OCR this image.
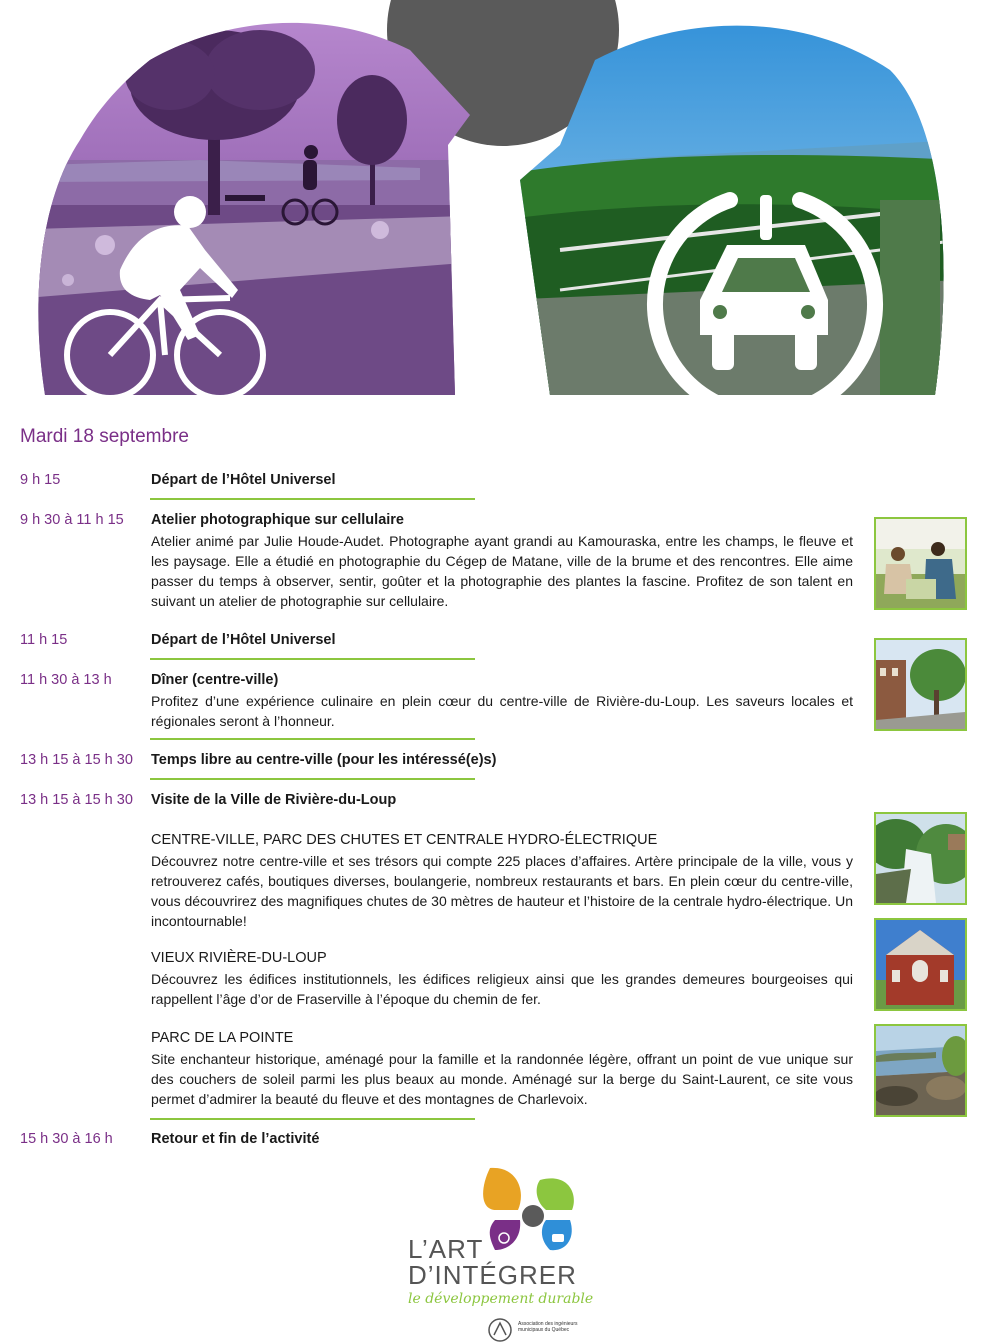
Mardi 18 septembre
9 h 15	Départ de l’Hôtel Universel
9 h 30 à 11 h 15 Atelier photographique sur cellulaire
Atelier animé par Julie Houde-Audet. Photographe ayant grandi au Kamouraska, entre les champs, le fleuve et les paysage. Elle a étudié en photographie du Cégep de Matane, ville de la brume et des rencontres. Elle aime passer du temps à observer, sentir, goûter et la photographie des plantes la fascine. Profitez de son talent en suivant un atelier de photographie sur cellulaire.
11 h 15	Départ de l’Hôtel Universel
11 h 30 à 13 h	Dîner (centre-ville)
Profitez d’une expérience culinaire en plein cœur du centre-ville de Rivière-du-Loup. Les saveurs locales et régionales seront à l’honneur.
13 h 15 à 15 h 30 Temps libre au centre-ville (pour les intéressé(e)s)
13 h 15 à 15 h 30 Visite de la Ville de Rivière-du-Loup
CENTRE-VILLE, PARC DES CHUTES ET CENTRALE HYDRO-ÉLECTRIQUE
Découvrez notre centre-ville et ses trésors qui compte 225 places d’affaires. Artère principale de la ville, vous y retrouverez cafés, boutiques diverses, boulangerie, nombreux restaurants et bars. En plein cœur du centre-ville, vous découvrirez des magnifiques chutes de 30 mètres de hauteur et l’histoire de la centrale hydro-électrique. Un incontournable!
VIEUX RIVIÈRE-DU-LOUP
Découvrez les édifices institutionnels, les édifices religieux ainsi que les grandes demeures bourgeoises qui rappellent l’âge d’or de Fraserville à l’époque du chemin de fer.
PARC DE LA POINTE
Site enchanteur historique, aménagé pour la famille et la randonnée légère, offrant un point de vue unique sur des couchers de soleil parmi les plus beaux au monde. Aménagé sur la berge du Saint-Laurent, ce site vous permet d’admirer la beauté du fleuve et des montagnes de Charlevoix.
15 h 30 à 16 h	Retour et fin de l’activité
L’ART
D’INTÉGRER
le développement durable
Association des ingénieurs municipaux du Québec
